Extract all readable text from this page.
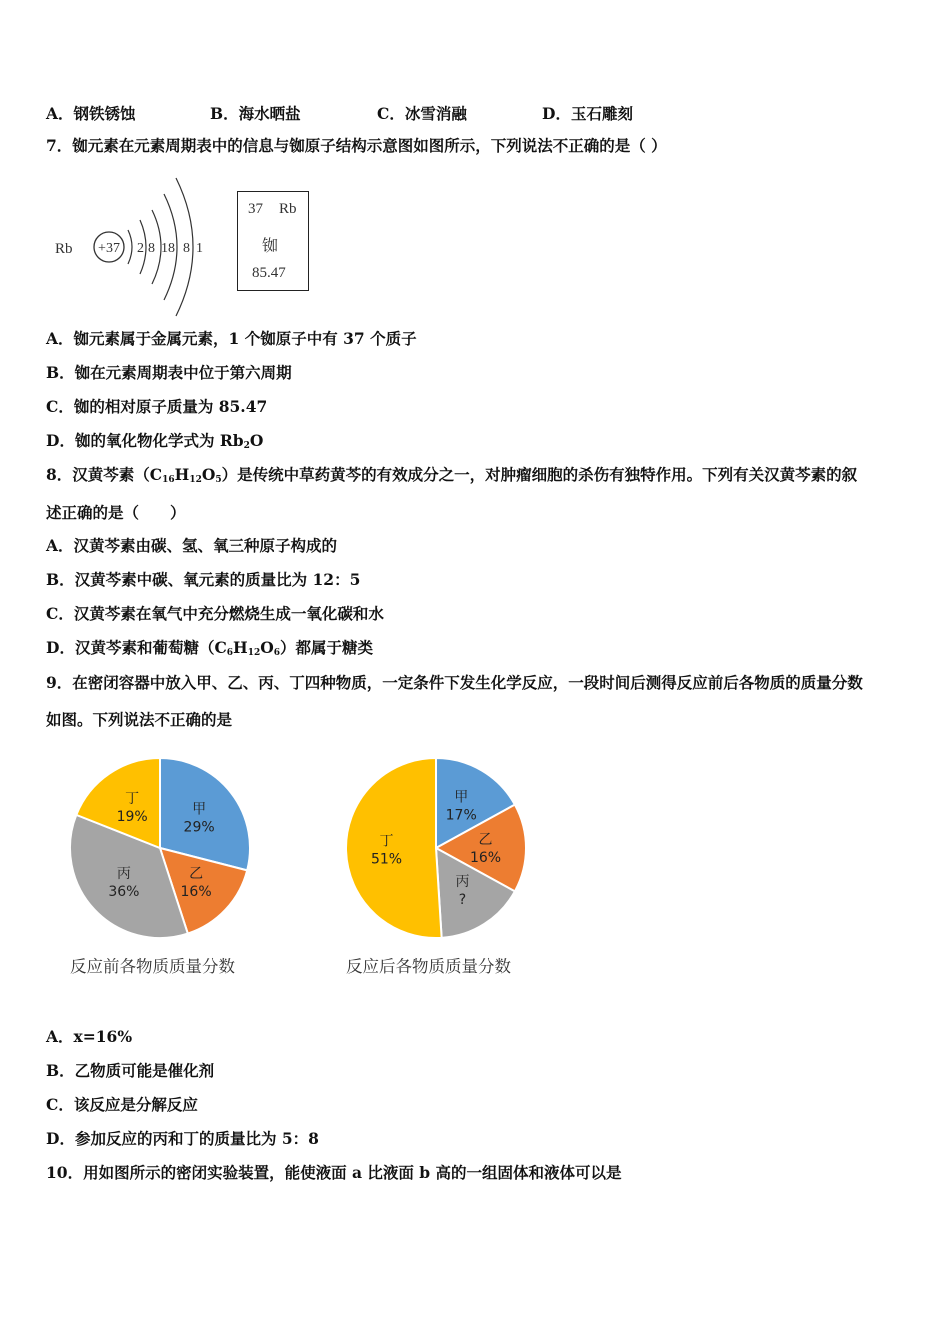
A．钢铁锈蚀	B．海水晒盐	C．冰雪消融	D．玉石雕刻
7．铷元素在元素周期表中的信息与铷原子结构示意图如图所示，下列说法不正确的是（ ）
Rb +37 2 8 18 8 1
37 Rb
铷
85.47
A．铷元素属于金属元素，1 个铷原子中有 37 个质子
B．铷在元素周期表中位于第六周期
C．铷的相对原子质量为 85.47
D．铷的氧化物化学式为 $Rb_2O$
8．汉黄芩素$(C_{16}H_{12}O_5)$是传统中草药黄芩的有效成分之一，对肿瘤细胞的杀伤有独特作用。下列有关汉黄芩素的叙
述正确的是（　　）
A．汉黄芩素由碳、氢、氧三种原子构成的
B．汉黄芩素中碳、氧元素的质量比为 12：5
C．汉黄芩素在氧气中充分燃烧生成一氧化碳和水
D．汉黄芩素和葡萄糖$(C_6H_{12}O_6)$都属于糖类
9．在密闭容器中放入甲、乙、丙、丁四种物质，一定条件下发生化学反应，一段时间后测得反应前后各物质的质量分数
如图。下列说法不正确的是
甲
29%
乙
16%
丙
36%
丁
19%
反应前各物质质量分数
甲
17%
乙
16%
丙
?
丁
51%
反应后各物质质量分数
A．x=16%
B．乙物质可能是催化剂
C．该反应是分解反应
D．参加反应的丙和丁的质量比为 5：8
10．用如图所示的密闭实验装置，能使液面 a 比液面 b 高的一组固体和液体可以是
